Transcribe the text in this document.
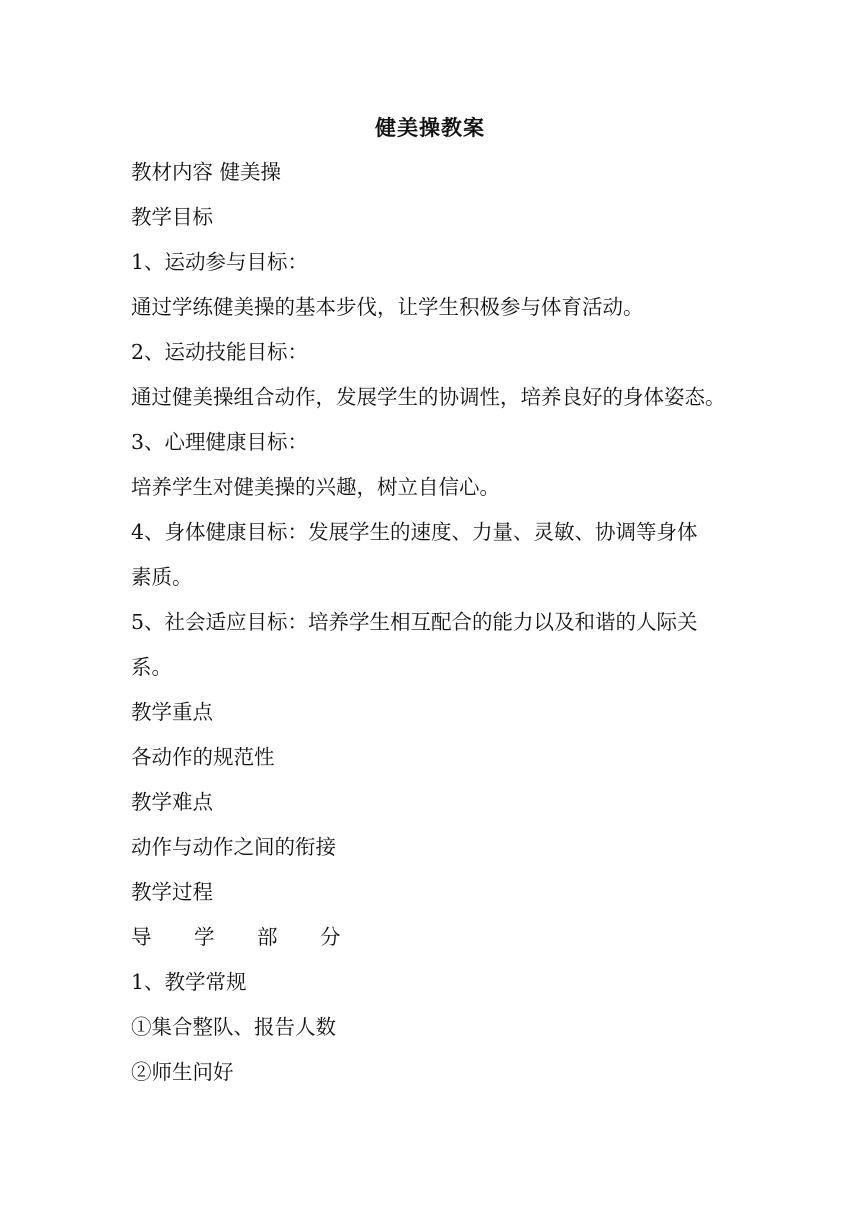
健美操教案
教材内容 健美操
教学目标
1、运动参与目标：
通过学练健美操的基本步伐，让学生积极参与体育活动。
2、运动技能目标：
通过健美操组合动作，发展学生的协调性，培养良好的身体姿态。
3、心理健康目标：
培养学生对健美操的兴趣，树立自信心。
4、身体健康目标：发展学生的速度、力量、灵敏、协调等身体
素质。
5、社会适应目标：培养学生相互配合的能力以及和谐的人际关
系。
教学重点
各动作的规范性
教学难点
动作与动作之间的衔接
教学过程
导 学 部 分
1、教学常规
①集合整队、报告人数
②师生问好
